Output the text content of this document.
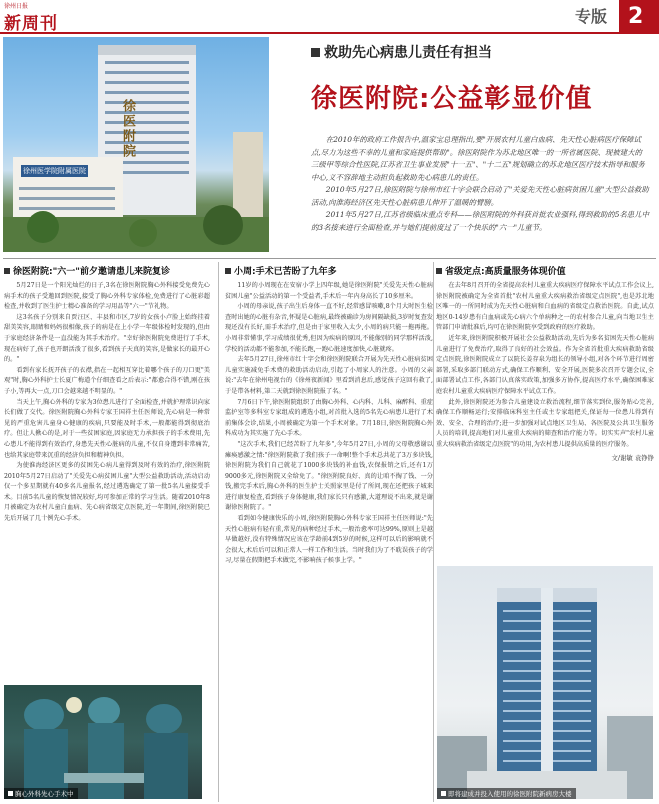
徐州日报
新周刊	专版 2
徐医附院
徐州医学院附属医院
救助先心病患儿责任有担当
徐医附院:公益彰显价值

在2010年的政府工作报告中,温家宝总理指出,要"开展农村儿童白血病、先天性心脏病医疗保障试点,尽力为这些不幸的儿童和家庭提供帮助"。徐医附院作为苏北地区唯一的一所省属医院、现被建大的三级甲等综合性医院,江苏省卫生事业发展"十一五"、"十二五"规划确立的苏北地区医疗技术指导和服务中心,义不容辞地主动担负起救助先心病患儿的责任。

2010年5月27日,徐医附院与徐州市红十字会联合启动了"关爱先天性心脏病贫困儿童"大型公益救助活动,向淮海经济区先天性心脏病患儿伸开了温暖的臂膀。

2011年5月27日,江苏省级临床重点专科——徐医附院的外科获首批农业强科,得到救助的5名患儿中的3名接来进行全面检查,并与她们提前度过了一个快乐的"六一"儿童节。

徐医附院:"六一"前夕邀请患儿来院复诊

5月27日是一个阳光灿烂的日子,3名在徐医附院胸心外科接受免费先心病手术的孩子受邀回到医院,接受了胸心外科专家体检,免费进行了心脏彩超检查,并收到了医生护士精心准备的学习用品等"六一"节礼物。

这3名孩子分别来自贾汪区、丰县和市区,7岁的女孩小卢脸上始终挂着甜美笑容,眼睛和妈妈很相像,孩子的病是在上小学一年级体检时发现的,但由于家庭经济条件是一直没能为其手术治疗。"幸好徐医附院免费进行了手术,现在病好了,孩子也开朗活泼了很多,看到孩子天真的笑容,是做家长的最开心的。"

看到有家长抚开孩子的衣襟,指在一起相互穿比着哪个孩子的刀口更"美观"时,胸心外科护士长夏广梅道个仔细查看之后表示:"都愈合得不错,刚在孩子小,等再大一点,刀口会越来越不明显的。"

当天上午,胸心外科的专家为3位患儿进行了全面检查,并就护理常识向家长们做了交代。徐医附院胸心外科专家王国祥主任医师说,先心病是一种常见的严重危害儿童身心健康的疾病,只要能及时手术,一般都能得到彻底治疗。但让人揪心的是,对于一些贫困家庭,因家庭无力承担孩子的手术费用,先心患儿不能得到有效治疗,身患先天性心脏病的儿童,不仅自身遭到非常痛苦,也给其家庭带来沉重的经济负担和精神负担。

为使淮海经济区更多的贫困先心病儿童得到及时有效的治疗,徐医附院2010年5月27日启动了"关爱先心病贫困儿童"大型公益救助活动,活动启动仅一个多星期就有40多名儿童报名,经过遴选确定了第一批5名儿童接受手术。目前5名儿童的恢复情况较好,均可参加正常的学习生活。随着2010年8月被确定为农村儿童白血病、先心病省级定点医院,近一年期间,徐医附院已先后开展了几十例先心手术。

胸心外科先心手术中
小周:手术已苦盼了九年多

11岁的小周现在在安宿小学上四年级,她是徐医附院"关爱先天性心脏病贫困儿童"公益活动的第一个受益者,手术后一年内身高长了10多厘米。

小周的母亲说,孩子出生后身体一直不好,经常感冒咳嗽,8个月大时医生检查时出她的心脏有杂音,怀疑是心脏病,最终被确诊为房间隔缺损,3岁时复查发现还没有长好,需手术治疗,但是由于家里收入太少,小周的病只能一拖再拖。小周非常懂事,学习成绩很优秀,但因为疾病的原因,不能像别的同学那样活泼,学校的活动都不能参加,不能长跑,一跑心脏速度加快,心脏就疼。

去年5月27日,徐州市红十字会和徐医附院联合开展为先天性心脏病贫困儿童实施减免手术费的救助活动启动,引起了小周家人的注意。小周的父亲说:"去年在徐州电视台的《徐州夜新闻》里看到消息后,感觉孩子这回有救了,于是带各材料,第二天就到徐医附院报了名。"

7月6日下午,徐医附院组织了由胸心外科、心内科、儿科、麻醉科、重症监护室等多科室专家组成的遴选小组,对首批入选的5名先心病患儿进行了术前集体会诊,结果,小周被确定为第一个手术对象。7月18日,徐医附院胸心外科成功为其实施了先心手术。

"这次手术,我们已经苦盼了九年多",今年5月27日,小周的父母敬感谢以瘫痪感激之情:"徐医附院救了我们孩子一命啊!整个手术总共花了3万多块钱,徐医附院为我们自己就花了1000多块钱的补血钱,农保报销之后,还有1万9000多元,徐医附院又全给免了。"徐医附院良好、真的让咱不掏了钱、一分钱,搬完手术后,胸心外科的医生护士关照家里是付了所问,现在还把孩子城来进行康复检查,看到孩子身体健康,我们家长只有感激,大道理说不出来,就是谢谢徐医附院了。"

看到如今健康快乐的小周,徐医附院胸心外科专家王国祥主任医师说:"先天性心脏病有轻有重,常见的病种经过手术,一般治愈率可达99%,原则上是越早做越好,没有特殊情况应该在学龄前4到5岁的时候,这样可以后的影响就不会很大,术后后可以和正常人一样工作和生活。当时我们为了不耽误孩子的学习,尽量在假期把手术做完,不影响孩子候事上学。"

省级定点:高质量服务体现价值

在去年8月召开的全省提高农村儿童重大疾病医疗保障水平试点工作会议上,徐医附院被确定为全省首批"农村儿童重大疾病救治省级定点医院",也是苏北地区唯一的一所同时成为先天性心脏病和白血病的省级定点救治医院。自此,试点地区0-14岁患有白血病或先心病六个单病种之一的农村参合儿童,向当地卫生主管部门申请批准后,均可在徐医附院享受到政府的医疗救助。

近年来,徐医附院积极开展社会公益救助活动,先后为多名贫困先天性心脏病儿童进行了免费治疗,取得了良好的社会效益。作为全省首批重大疾病救助省级定点医院,徐医附院成立了以院长姜存泉为组长的领导小组,对各个环节进行周密部署,采取多部门联动方式,确保工作顺利、安全开展,医院多次召开专题会议,全面部署试点工作,各部门认真落实政策,加强多方协作,提高医疗水平,确保困难家庭农村儿童重大疾病医疗保障水平试点工作。

此外,徐医附院还为参合儿童建设立救治流程,细节落实到位,服务贴心完善,确保工作顺畅运行;安排临床科室主任或主专家组把关,保证每一位患儿得到有效、安全、合理的治疗;进一步加强对试点地区卫生局、各医院及公共卫生服务人员的培训,提高地们对儿童重大疾病的筛查和治疗能力等。切实实声"农村儿童重大疾病救治省级定点医院"的功用,为农村患儿提供高质量的医疗服务。

文/谢敏 袁铮铮
即将建成并投入使用的徐医附院新病房大楼
